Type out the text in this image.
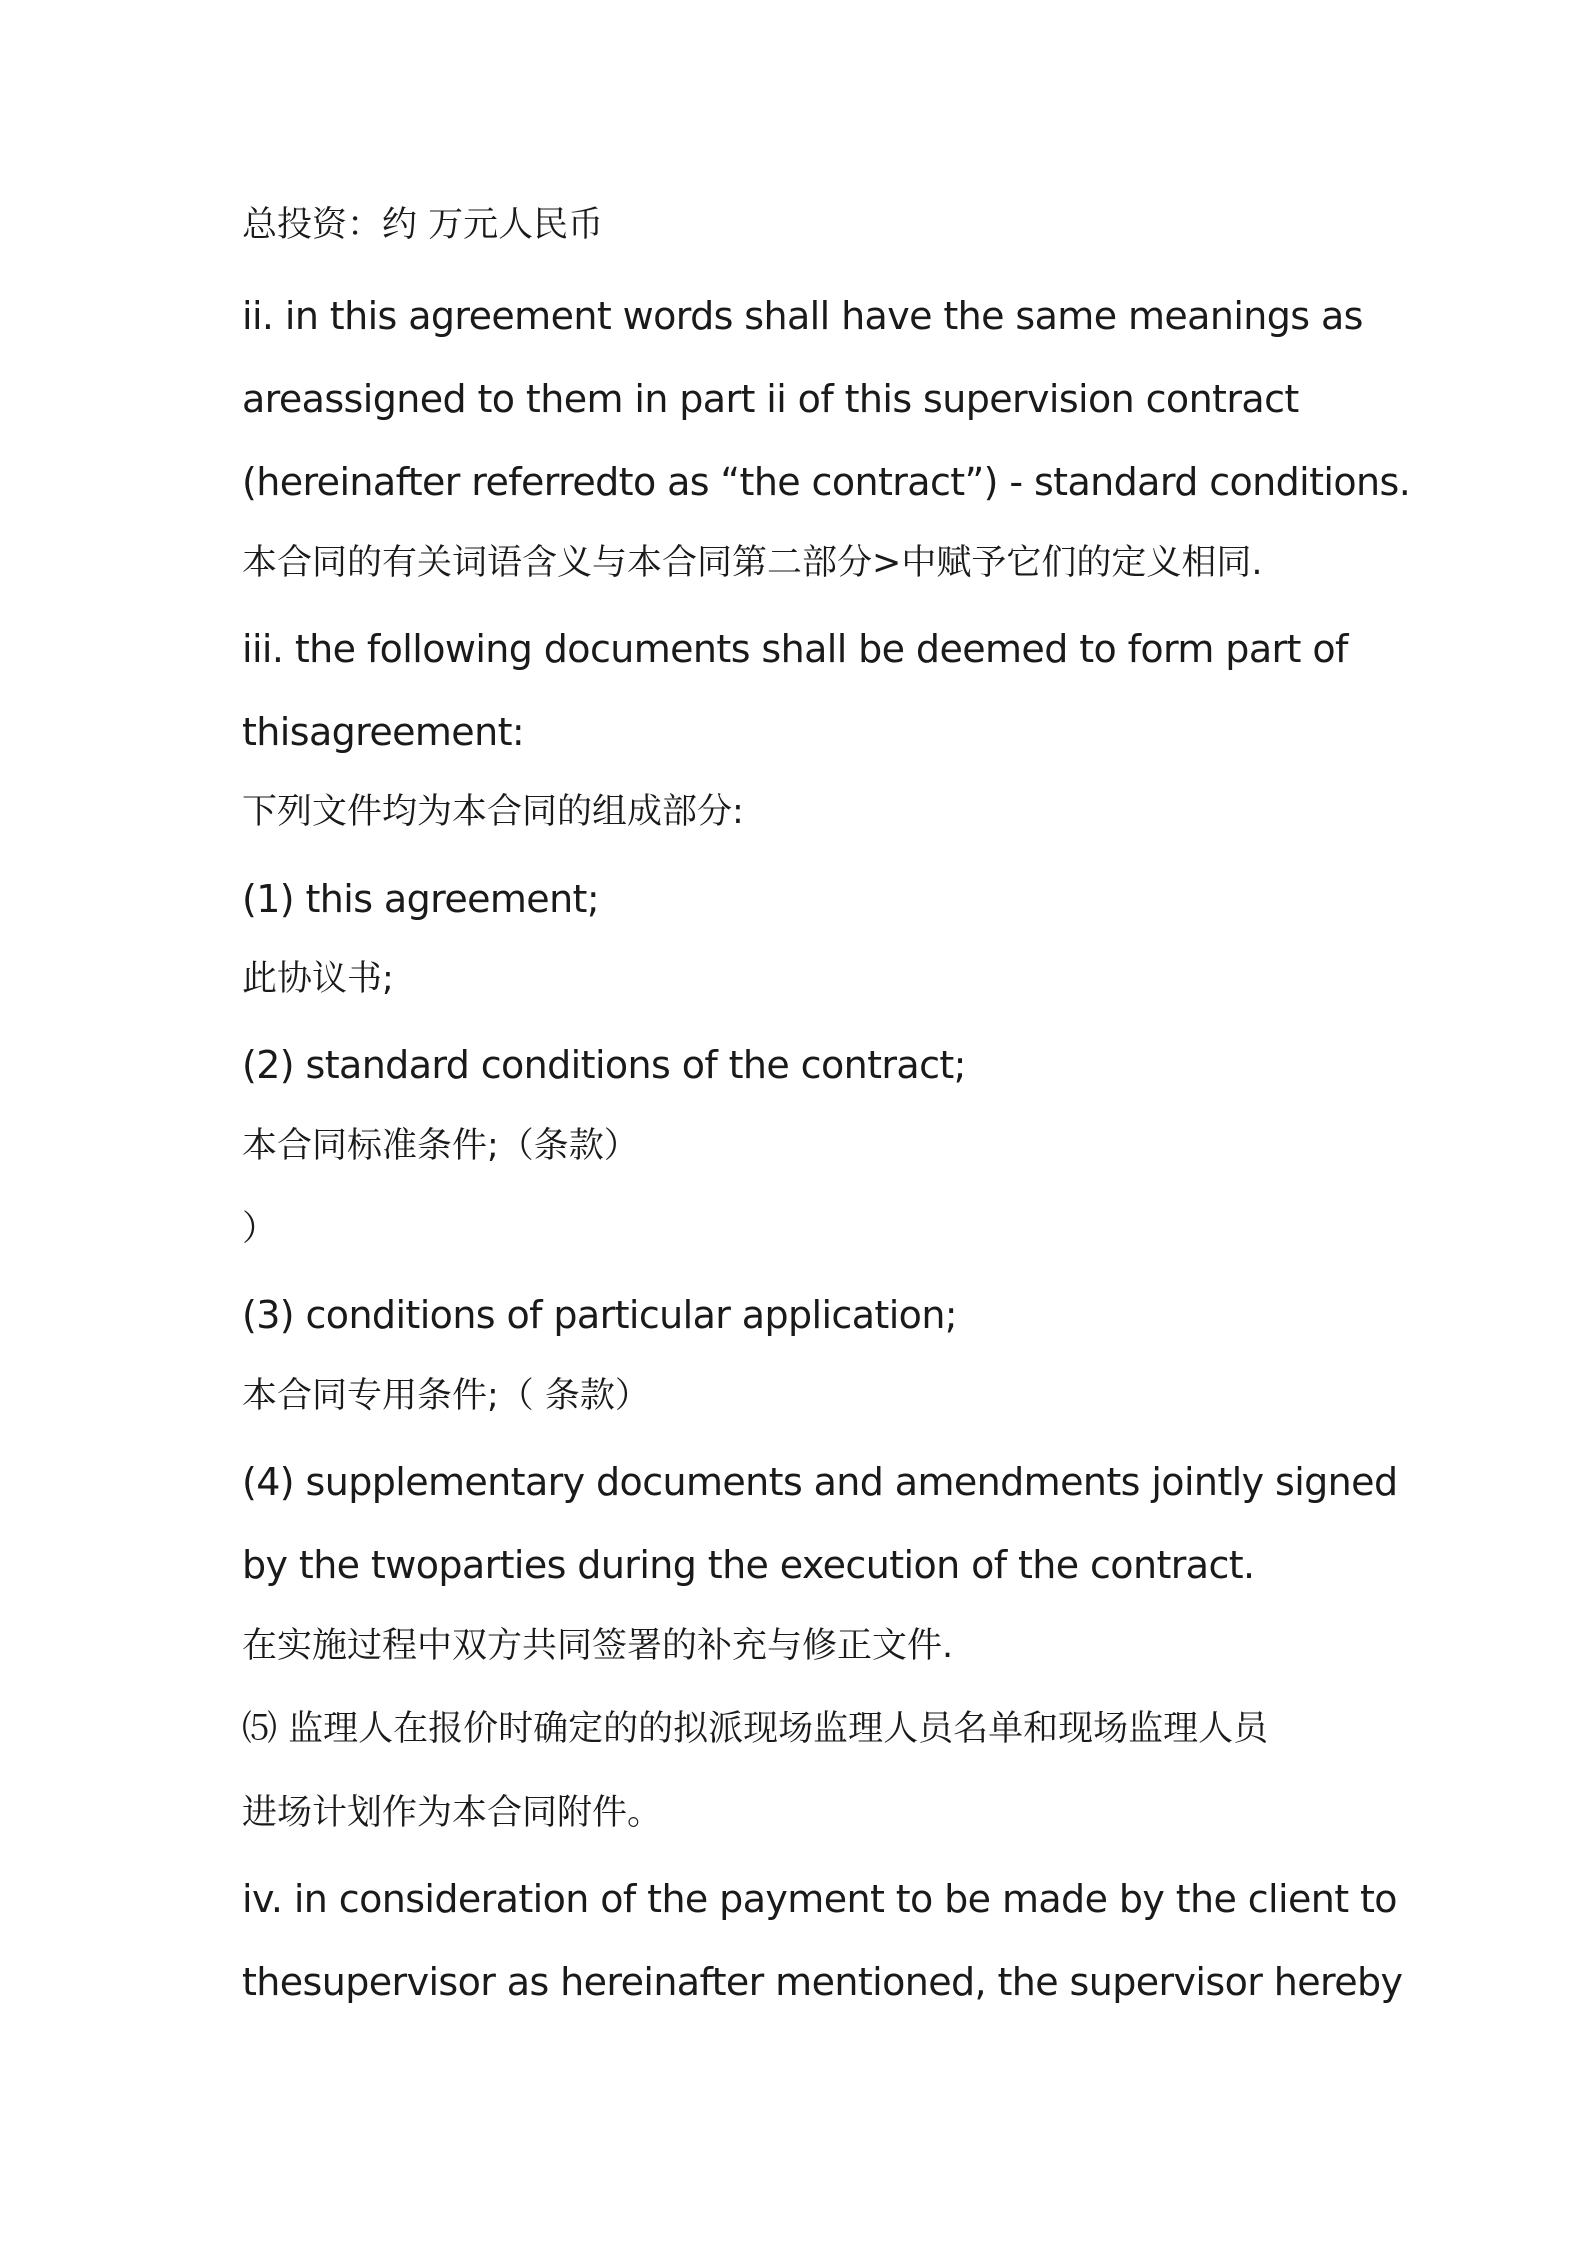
总投资：约 万元人民币

ii. in this agreement words shall have the same meanings as

areassigned to them in part ii of this supervision contract

(hereinafter referredto as “the contract”) - standard conditions.

本合同的有关词语含义与本合同第二部分>中赋予它们的定义相同.

iii. the following documents shall be deemed to form part of

thisagreement:

下列文件均为本合同的组成部分:

(1) this agreement;

此协议书;

(2) standard conditions of the contract;

本合同标准条件;（条款）

）

(3) conditions of particular application;

本合同专用条件;（ 条款）

(4) supplementary documents and amendments jointly signed

by the twoparties during the execution of the contract.

在实施过程中双方共同签署的补充与修正文件.

⑸ 监理人在报价时确定的的拟派现场监理人员名单和现场监理人员

进场计划作为本合同附件。

iv. in consideration of the payment to be made by the client to

thesupervisor as hereinafter mentioned, the supervisor hereby
